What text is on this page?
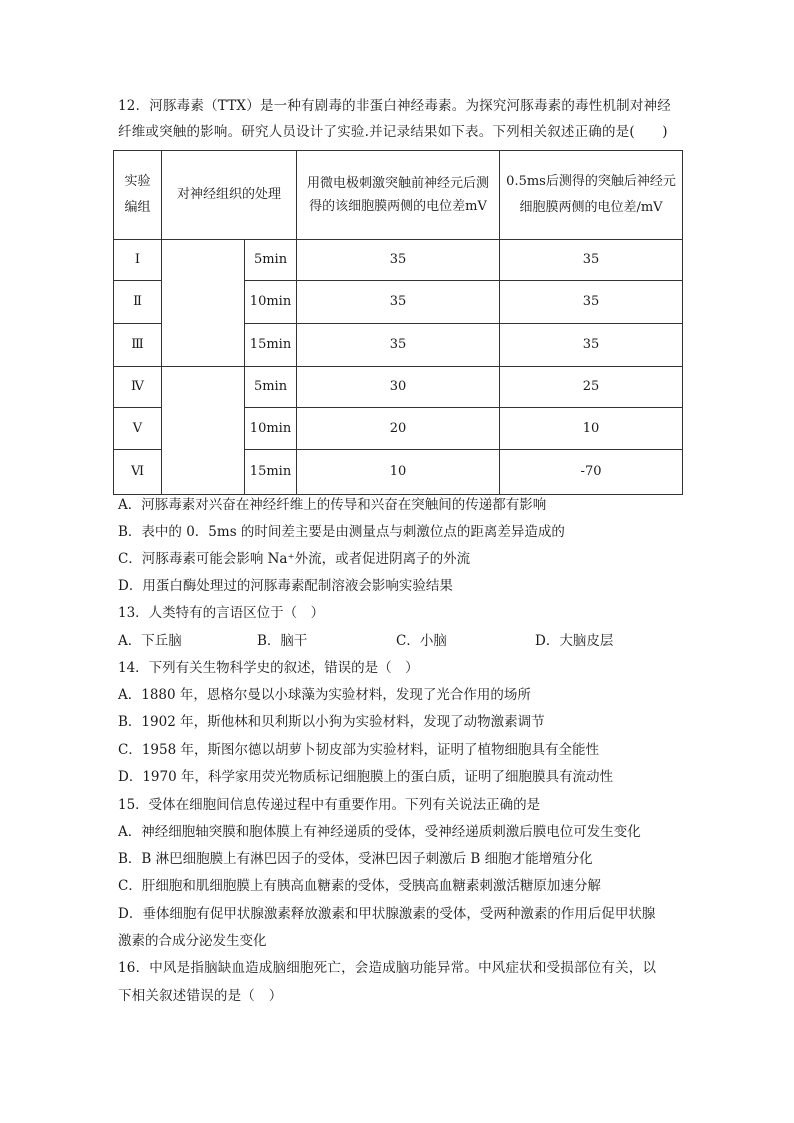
12．河豚毒素（TTX）是一种有剧毒的非蛋白神经毒素。为探究河豚毒素的毒性机制对神经
纤维或突触的影响。研究人员设计了实验.并记录结果如下表。下列相关叙述正确的是(　　)
实验编组	对神经组织的处理		用微电极刺激突触前神经元后测得的该细胞膜两侧的电位差mV	0.5ms后测得的突触后神经元细胞膜两侧的电位差/mV

Ⅰ		5min	35	35
Ⅱ		10min	35	35
Ⅲ		15min	35	35
Ⅳ		5min	30	25
Ⅴ		10min	20	10
Ⅵ		15min	10	-70
A．河豚毒素对兴奋在神经纤维上的传导和兴奋在突触间的传递都有影响
B．表中的 0．5ms 的时间差主要是由测量点与刺激位点的距离差异造成的
C．河豚毒素可能会影响 Na⁺外流，或者促进阴离子的外流
D．用蛋白酶处理过的河豚毒素配制溶液会影响实验结果
13．人类特有的言语区位于（　）
A．下丘脑	B．脑干	C．小脑	D．大脑皮层
14．下列有关生物科学史的叙述，错误的是（　）
A．1880 年，恩格尔曼以小球藻为实验材料，发现了光合作用的场所
B．1902 年，斯他林和贝利斯以小狗为实验材料，发现了动物激素调节
C．1958 年，斯图尔德以胡萝卜韧皮部为实验材料，证明了植物细胞具有全能性
D．1970 年，科学家用荧光物质标记细胞膜上的蛋白质，证明了细胞膜具有流动性
15．受体在细胞间信息传递过程中有重要作用。下列有关说法正确的是
A．神经细胞轴突膜和胞体膜上有神经递质的受体，受神经递质刺激后膜电位可发生变化
B．B 淋巴细胞膜上有淋巴因子的受体，受淋巴因子刺激后 B 细胞才能增殖分化
C．肝细胞和肌细胞膜上有胰高血糖素的受体，受胰高血糖素刺激活糖原加速分解
D．垂体细胞有促甲状腺激素释放激素和甲状腺激素的受体，受两种激素的作用后促甲状腺
激素的合成分泌发生变化
16．中风是指脑缺血造成脑细胞死亡，会造成脑功能异常。中风症状和受损部位有关，以
下相关叙述错误的是（　）
